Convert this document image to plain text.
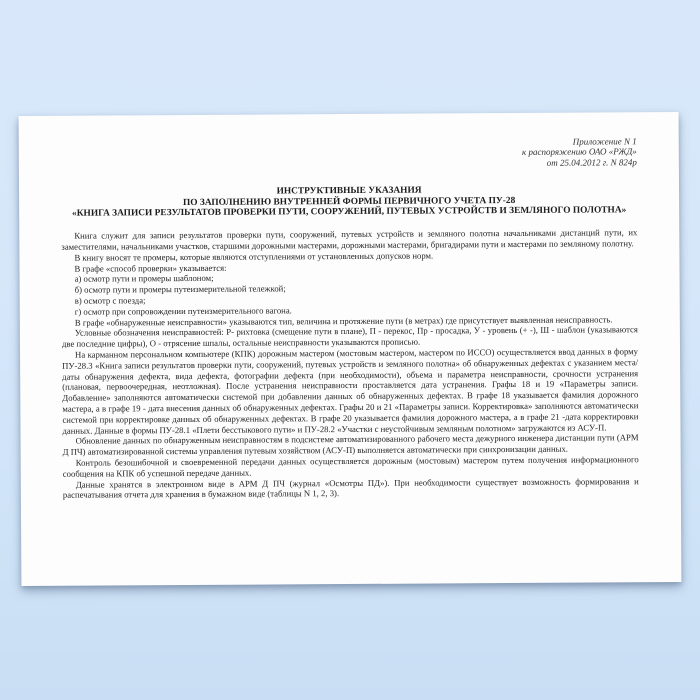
Приложение N 1
к распоряжению ОАО «РЖД»
от 25.04.2012 г. N 824р
ИНСТРУКТИВНЫЕ УКАЗАНИЯ
ПО ЗАПОЛНЕНИЮ ВНУТРЕННЕЙ ФОРМЫ ПЕРВИЧНОГО УЧЕТА ПУ-28
«КНИГА ЗАПИСИ РЕЗУЛЬТАТОВ ПРОВЕРКИ ПУТИ, СООРУЖЕНИЙ, ПУТЕВЫХ УСТРОЙСТВ И ЗЕМЛЯНОГО ПОЛОТНА»

Книга служит для записи результатов проверки пути, сооружений, путевых устройств и земляного полотна начальниками дистанций пути, их заместителями, начальниками участков, старшими дорожными мастерами, дорожными мастерами, бригадирами пути и мастерами по земляному полотну.

В книгу вносят те промеры, которые являются отступлениями от установленных допусков норм.

В графе «способ проверки» указывается:

а) осмотр пути и промеры шаблоном;

б) осмотр пути и промеры путеизмерительной тележкой;

в) осмотр с поезда;

г) осмотр при сопровождении путеизмерительного вагона.

В графе «обнаруженные неисправности» указываются тип, величина и протяжение пути (в метрах) где присутствует выявленная неисправность.

Условные обозначения неисправностей: Р- рихтовка (смещение пути в плане), П - перекос, Пр - просадка, У - уровень (+ -), Ш - шаблон (указываются две последние цифры), О - отрясение шпалы, остальные неисправности указываются прописью.

На карманном персональном компьютере (КПК) дорожным мастером (мостовым мастером, мастером по ИССО) осуществляется ввод данных в форму ПУ-28.3 «Книга записи результатов проверки пути, сооружений, путевых устройств и земляного полотна» об обнаруженных дефектах с указанием места/даты обнаружения дефекта, вида дефекта, фотографии дефекта (при необходимости), объема и параметра неисправности, срочности устранения (плановая, первоочередная, неотложная). После устранения неисправности проставляется дата устранения. Графы 18 и 19 «Параметры записи. Добавление» заполняются автоматически системой при добавлении данных об обнаруженных дефектах. В графе 18 указывается фамилия дорожного мастера, а в графе 19 - дата внесения данных об обнаруженных дефектах. Графы 20 и 21 «Параметры записи. Корректировка» заполняются автоматически системой при корректировке данных об обнаруженных дефектах. В графе 20 указывается фамилия дорожного мастера, а в графе 21 -дата корректировки данных. Данные в формы ПУ-28.1 «Плети бесстыкового пути» и ПУ-28.2 «Участки с неустойчивым земляным полотном» загружаются из АСУ-П.

Обновление данных по обнаруженным неисправностям в подсистеме автоматизированного рабочего места дежурного инженера дистанции пути (АРМ Д ПЧ) автоматизированной системы управления путевым хозяйством (АСУ-П) выполняется автоматически при синхронизации данных.

Контроль безошибочной и своевременной передачи данных осуществляется дорожным (мостовым) мастером путем получения информационного сообщения на КПК об успешной передаче данных.

Данные хранятся в электронном виде в АРМ Д ПЧ (журнал «Осмотры ПД»). При необходимости существует возможность формирования и распечатывания отчета для хранения в бумажном виде (таблицы N 1, 2, 3).
